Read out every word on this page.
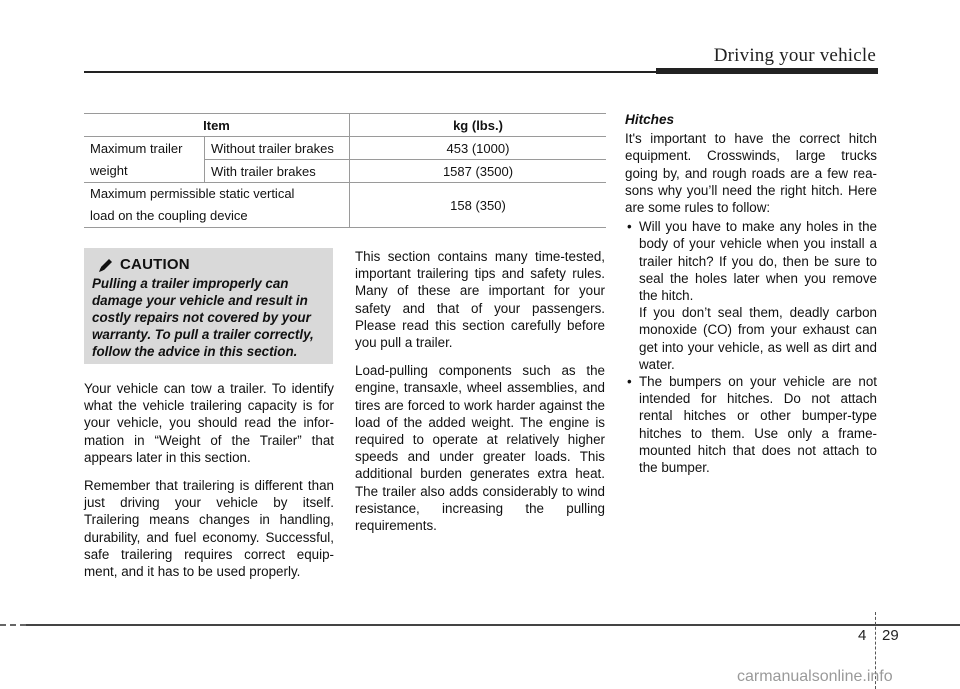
Driving your vehicle
Item		kg (lbs.)
Maximum trailer	Without trailer brakes	453 (1000)
weight	With trailer brakes	1587 (3500)

Maximum permissible static vertical
load on the coupling device		158 (350)
CAUTION
Pulling a trailer improperly can damage your vehicle and result in costly repairs not covered by your warranty. To pull a trailer correctly, follow the advice in this section.

Your vehicle can tow a trailer. To identify what the vehicle trailering capacity is for your vehicle, you should read the infor-mation in “Weight of the Trailer” that appears later in this section.

Remember that trailering is different than just driving your vehicle by itself. Trailering means changes in handling, durability, and fuel economy. Successful, safe trailering requires correct equip-ment, and it has to be used properly.

This section contains many time-tested, important trailering tips and safety rules. Many of these are important for your safety and that of your passengers. Please read this section carefully before you pull a trailer.

Load-pulling components such as the engine, transaxle, wheel assemblies, and tires are forced to work harder against the load of the added weight. The engine is required to operate at relatively higher speeds and under greater loads. This additional burden generates extra heat. The trailer also adds considerably to wind resistance, increasing the pulling requirements.

Hitches

It's important to have the correct hitch equipment. Crosswinds, large trucks going by, and rough roads are a few rea-sons why you’ll need the right hitch. Here are some rules to follow:

• Will you have to make any holes in the body of your vehicle when you install a trailer hitch? If you do, then be sure to seal the holes later when you remove the hitch.
If you don’t seal them, deadly carbon monoxide (CO) from your exhaust can get into your vehicle, as well as dirt and water.
• The bumpers on your vehicle are not intended for hitches. Do not attach rental hitches or other bumper-type hitches to them. Use only a frame-mounted hitch that does not attach to the bumper.
4 29
carmanualsonline.info
